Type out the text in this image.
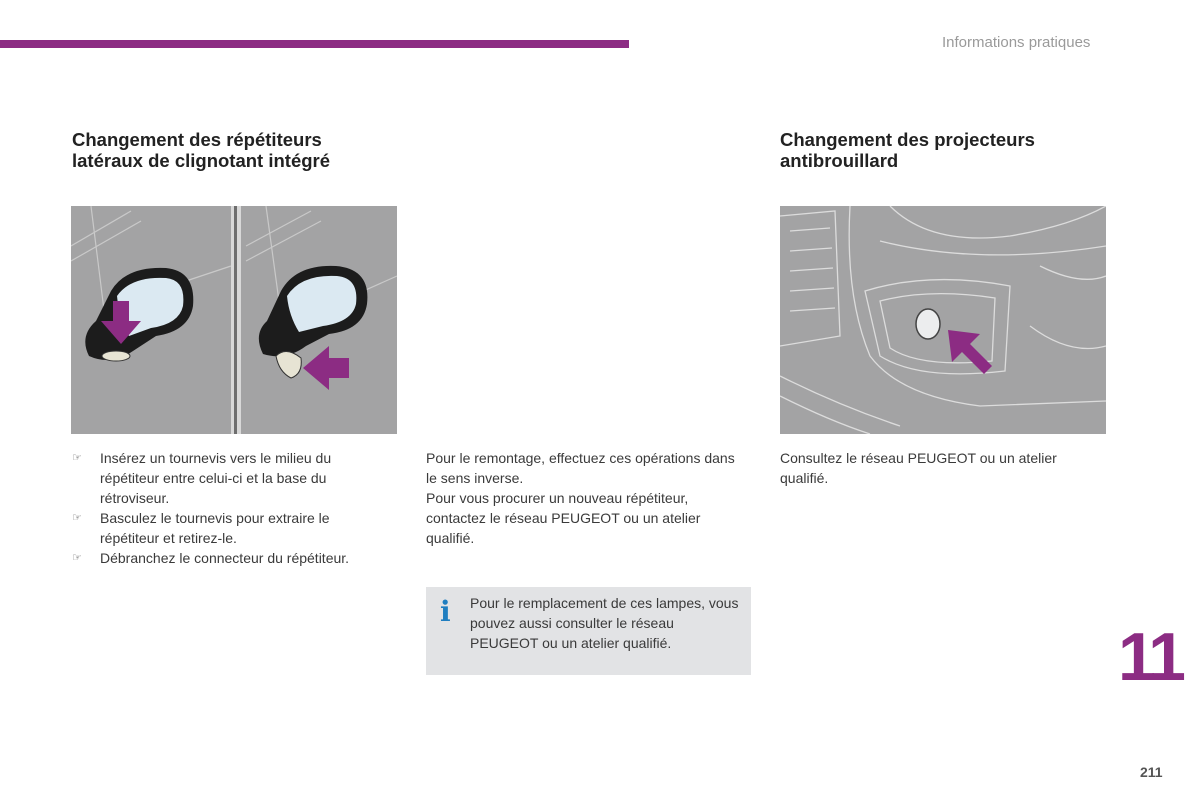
Informations pratiques
Changement des répétiteurs
latéraux de clignotant intégré
Changement des projecteurs
antibrouillard
☞ Insérez un tournevis vers le milieu du répétiteur entre celui-ci et la base du rétroviseur.
☞ Basculez le tournevis pour extraire le répétiteur et retirez-le.
☞ Débranchez le connecteur du répétiteur.
Pour le remontage, effectuez ces opérations dans le sens inverse.
Pour vous procurer un nouveau répétiteur, contactez le réseau PEUGEOT ou un atelier qualifié.
i Pour le remplacement de ces lampes, vous pouvez aussi consulter le réseau PEUGEOT ou un atelier qualifié.
Consultez le réseau PEUGEOT ou un atelier qualifié.
11
211
